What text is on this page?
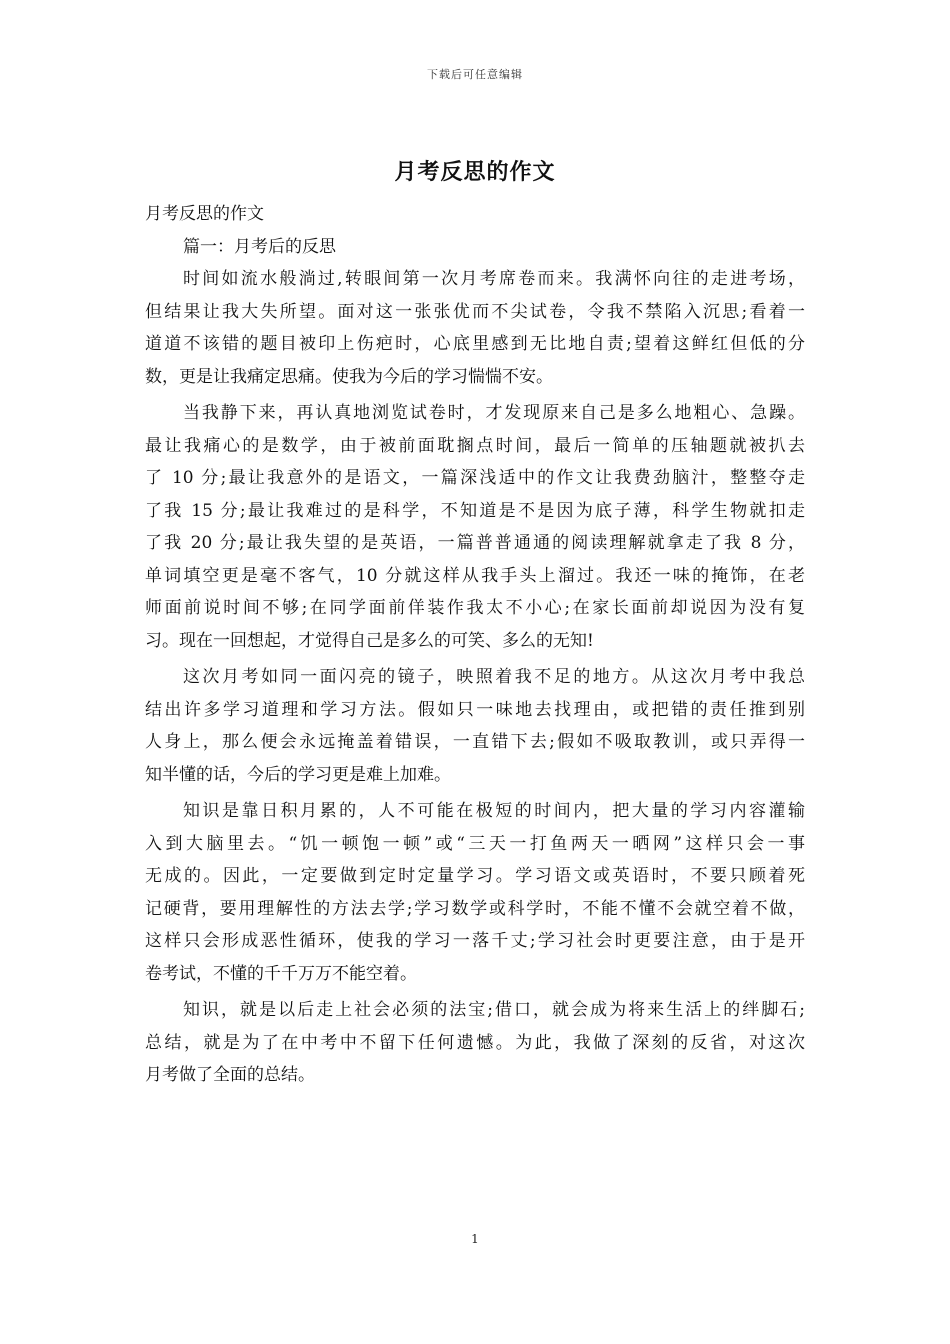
下载后可任意编辑
月考反思的作文
月考反思的作文
篇一：月考后的反思
时间如流水般淌过,转眼间第一次月考席卷而来。我满怀向往的走进考场，
但结果让我大失所望。面对这一张张优而不尖试卷，令我不禁陷入沉思;看着一
道道不该错的题目被印上伤疤时，心底里感到无比地自责;望着这鲜红但低的分
数，更是让我痛定思痛。使我为今后的学习惴惴不安。
当我静下来，再认真地浏览试卷时，才发现原来自己是多么地粗心、急躁。
最让我痛心的是数学，由于被前面耽搁点时间，最后一简单的压轴题就被扒去
了 10 分;最让我意外的是语文，一篇深浅适中的作文让我费劲脑汁，整整夺走
了我 15 分;最让我难过的是科学，不知道是不是因为底子薄，科学生物就扣走
了我 20 分;最让我失望的是英语，一篇普普通通的阅读理解就拿走了我 8 分，
单词填空更是毫不客气，10 分就这样从我手头上溜过。我还一味的掩饰，在老
师面前说时间不够;在同学面前佯装作我太不小心;在家长面前却说因为没有复
习。现在一回想起，才觉得自己是多么的可笑、多么的无知!
这次月考如同一面闪亮的镜子，映照着我不足的地方。从这次月考中我总
结出许多学习道理和学习方法。假如只一味地去找理由，或把错的责任推到别
人身上，那么便会永远掩盖着错误，一直错下去;假如不吸取教训，或只弄得一
知半懂的话，今后的学习更是难上加难。
知识是靠日积月累的，人不可能在极短的时间内，把大量的学习内容灌输
入到大脑里去。“饥一顿饱一顿”或“三天一打鱼两天一晒网”这样只会一事
无成的。因此，一定要做到定时定量学习。学习语文或英语时，不要只顾着死
记硬背，要用理解性的方法去学;学习数学或科学时，不能不懂不会就空着不做，
这样只会形成恶性循环，使我的学习一落千丈;学习社会时更要注意，由于是开
卷考试，不懂的千千万万不能空着。
知识，就是以后走上社会必须的法宝;借口，就会成为将来生活上的绊脚石;
总结，就是为了在中考中不留下任何遗憾。为此，我做了深刻的反省，对这次
月考做了全面的总结。
1
